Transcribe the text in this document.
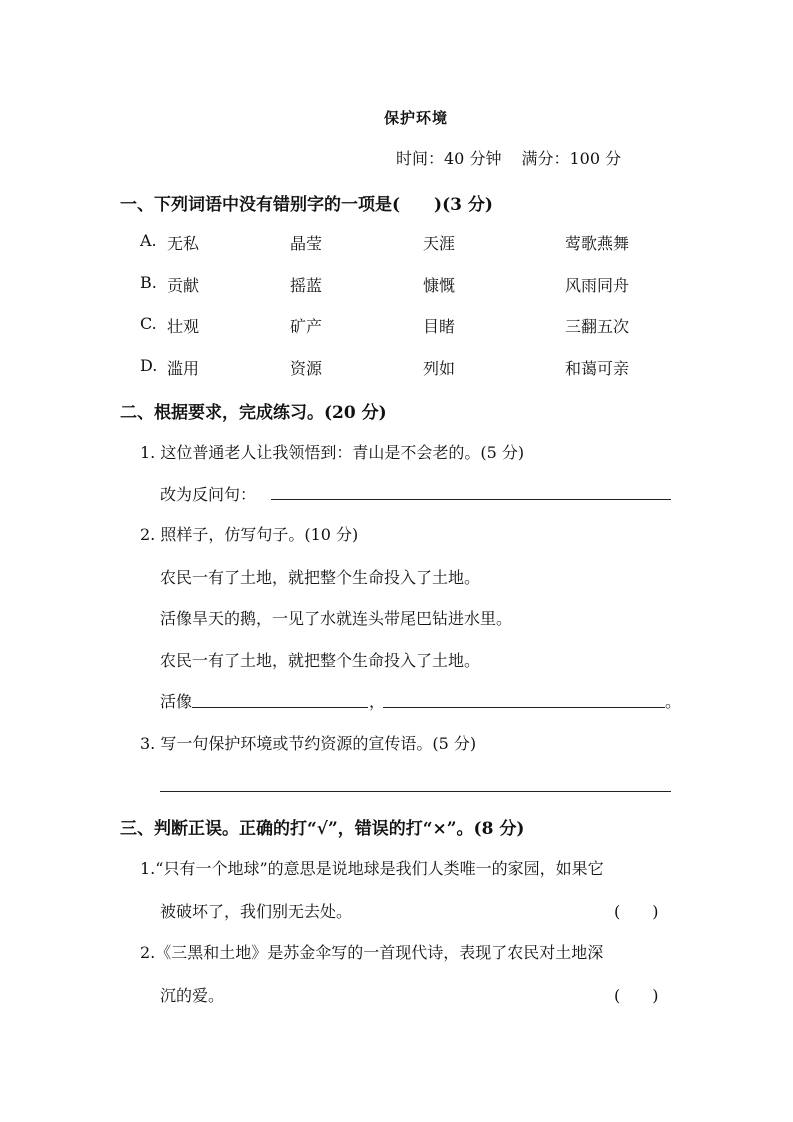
保护环境
时间：40 分钟 满分：100 分
一、下列词语中没有错别字的一项是(　　)(3 分)
A. 无私	晶莹	天涯	莺歌燕舞
B. 贡献	摇蓝	慷慨	风雨同舟
C. 壮观	矿产	目睹	三翻五次
D. 滥用	资源	列如	和蔼可亲
二、根据要求，完成练习。(20 分)
1. 这位普通老人让我领悟到：青山是不会老的。(5 分)
改为反问句：
2. 照样子，仿写句子。(10 分)
农民一有了土地，就把整个生命投入了土地。
活像旱天的鹅，一见了水就连头带尾巴钻进水里。
农民一有了土地，就把整个生命投入了土地。
活像	，	。
3. 写一句保护环境或节约资源的宣传语。(5 分)
三、判断正误。正确的打“√”，错误的打“×”。(8 分)
1.“只有一个地球”的意思是说地球是我们人类唯一的家园，如果它
被破坏了，我们别无去处。	(　　)
2.《三黑和土地》是苏金伞写的一首现代诗，表现了农民对土地深
沉的爱。	(　　)
